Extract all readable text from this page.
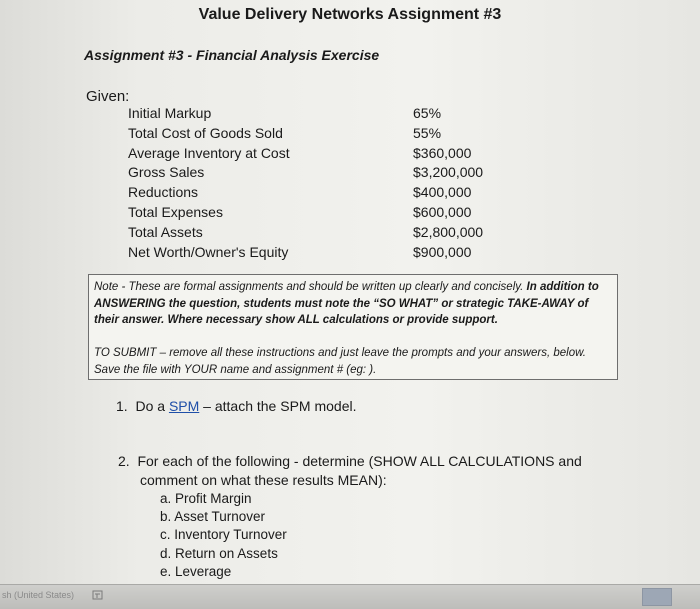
Value Delivery Networks Assignment #3
Assignment #3 - Financial Analysis Exercise
Given:
Initial Markup	65%
Total Cost of Goods Sold	55%
Average Inventory at Cost	$360,000
Gross Sales	$3,200,000
Reductions	$400,000
Total Expenses	$600,000
Total Assets	$2,800,000
Net Worth/Owner's Equity	$900,000
Note - These are formal assignments and should be written up clearly and concisely. In addition to ANSWERING the question, students must note the “SO WHAT” or strategic TAKE-AWAY of their answer. Where necessary show ALL calculations or provide support.
TO SUBMIT – remove all these instructions and just leave the prompts and your answers, below. Save the file with YOUR name and assignment # (eg: ).
1. Do a SPM – attach the SPM model.
2. For each of the following - determine (SHOW ALL CALCULATIONS and
comment on what these results MEAN):
a. Profit Margin
b. Asset Turnover
c. Inventory Turnover
d. Return on Assets
e. Leverage
sh (United States)
